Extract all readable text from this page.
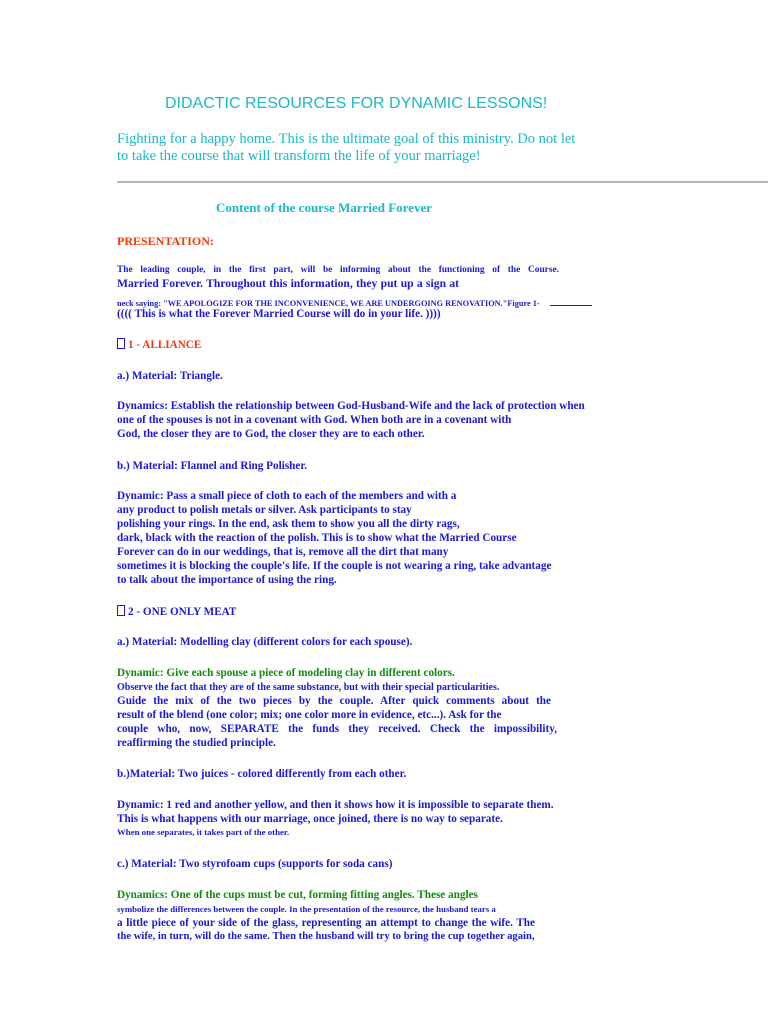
DIDACTIC RESOURCES FOR DYNAMIC LESSONS!
Fighting for a happy home. This is the ultimate goal of this ministry. Do not let
to take the course that will transform the life of your marriage!
Content of the course Married Forever
PRESENTATION:
The leading couple, in the first part, will be informing about the functioning of the Course.
Married Forever. Throughout this information, they put up a sign at
neck saying: "WE APOLOGIZE FOR THE INCONVENIENCE, WE ARE UNDERGOING RENOVATION."Figure 1-
(((( This is what the Forever Married Course will do in your life. ))))
1 - ALLIANCE
a.) Material: Triangle.
Dynamics: Establish the relationship between God-Husband-Wife and the lack of protection when
one of the spouses is not in a covenant with God. When both are in a covenant with
God, the closer they are to God, the closer they are to each other.
b.) Material: Flannel and Ring Polisher.
Dynamic: Pass a small piece of cloth to each of the members and with a
any product to polish metals or silver. Ask participants to stay
polishing your rings. In the end, ask them to show you all the dirty rags,
dark, black with the reaction of the polish. This is to show what the Married Course
Forever can do in our weddings, that is, remove all the dirt that many
sometimes it is blocking the couple's life. If the couple is not wearing a ring, take advantage
to talk about the importance of using the ring.
2 - ONE ONLY MEAT
a.) Material: Modelling clay (different colors for each spouse).
Dynamic: Give each spouse a piece of modeling clay in different colors.
Observe the fact that they are of the same substance, but with their special particularities.
Guide the mix of the two pieces by the couple. After quick comments about the
result of the blend (one color; mix; one color more in evidence, etc...). Ask for the
couple who, now, SEPARATE the funds they received. Check the impossibility,
reaffirming the studied principle.
b.)Material: Two juices - colored differently from each other.
Dynamic: 1 red and another yellow, and then it shows how it is impossible to separate them.
This is what happens with our marriage, once joined, there is no way to separate.
When one separates, it takes part of the other.
c.) Material: Two styrofoam cups (supports for soda cans)
Dynamics: One of the cups must be cut, forming fitting angles. These angles
symbolize the differences between the couple. In the presentation of the resource, the husband tears a
a little piece of your side of the glass, representing an attempt to change the wife. The
the wife, in turn, will do the same. Then the husband will try to bring the cup together again,
